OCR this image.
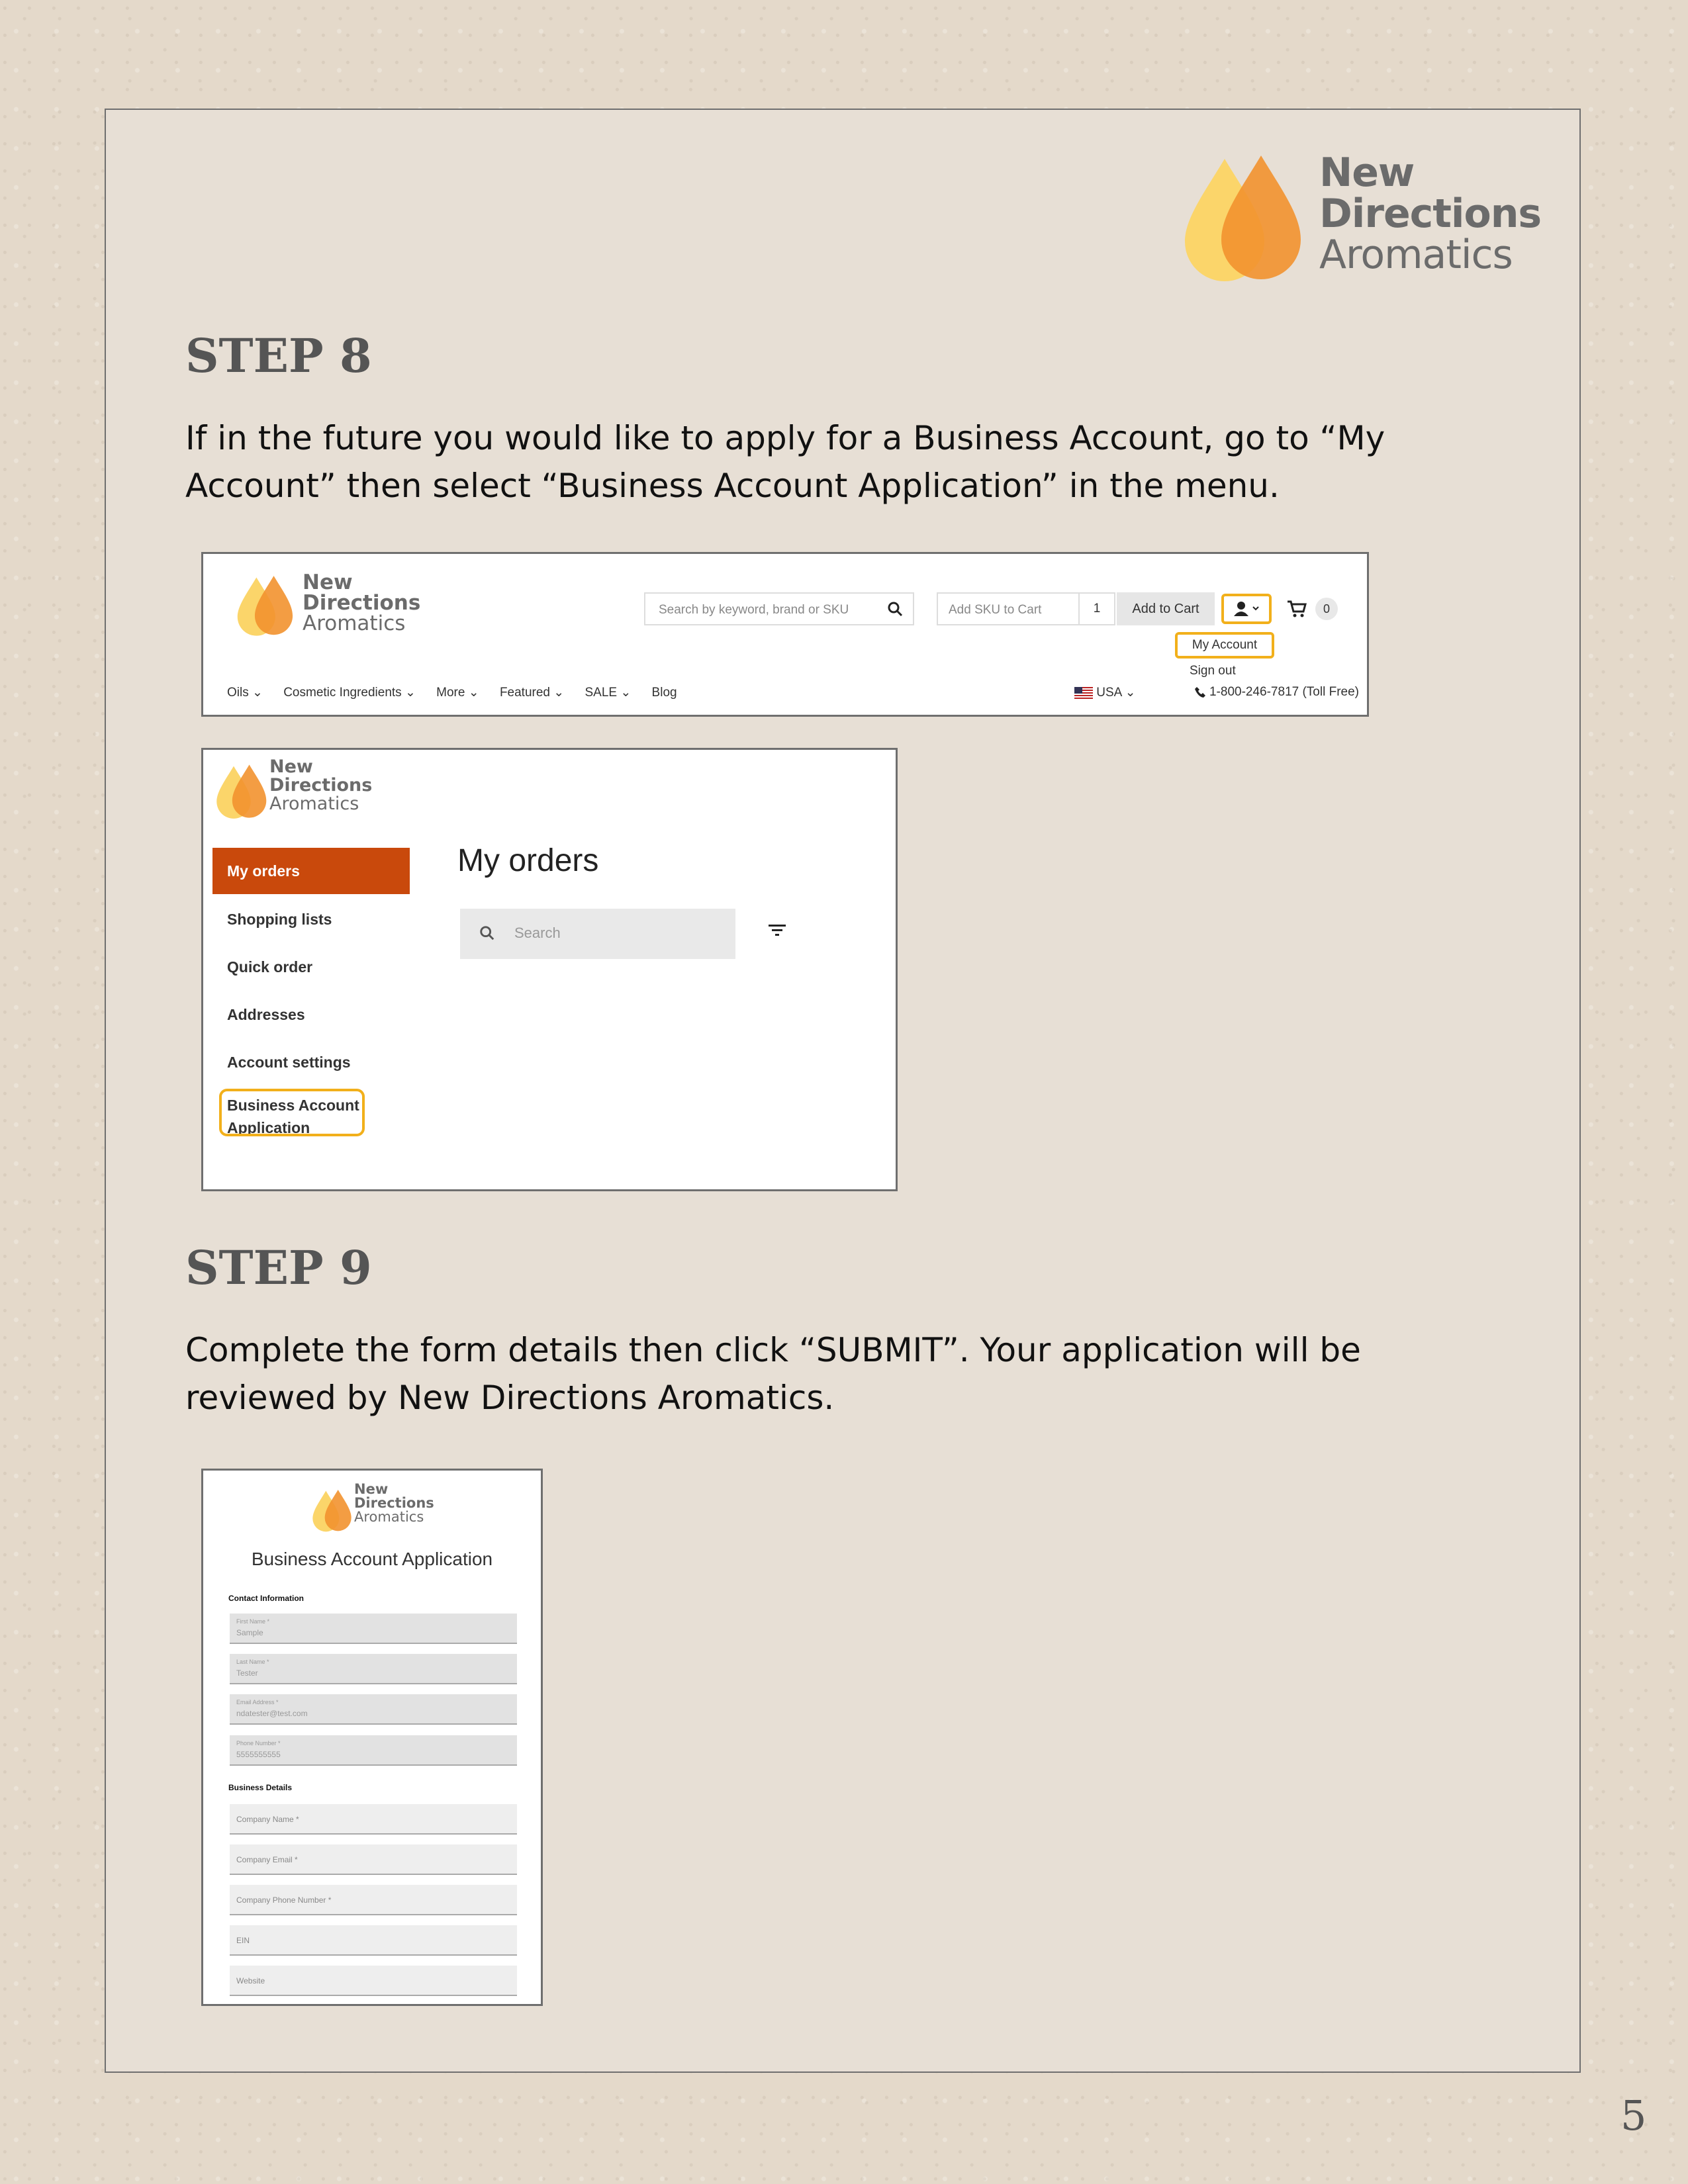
New
Directions
Aromatics
STEP 8
If in the future you would like to apply for a Business Account, go to “My Account” then select “Business Account Application” in the menu.
New
Directions
Aromatics
Search by keyword, brand or SKU	Add SKU to Cart	1	Add to Cart	0
My Account
Sign out
Oils ⌄ Cosmetic Ingredients ⌄ More ⌄ Featured ⌄ SALE ⌄ Blog	USA ⌄	1-800-246-7817 (Toll Free)
New
Directions
Aromatics
My orders
Shopping lists
Quick order
Addresses
Account settings
Business Account
Application
My orders
Search
STEP 9
Complete the form details then click “SUBMIT”. Your application will be reviewed by New Directions Aromatics.
New
Directions
Aromatics
Business Account Application
Contact Information
First Name *
Sample
Last Name *
Tester
Email Address *
ndatester@test.com
Phone Number *
5555555555
Business Details
Company Name *
Company Email *
Company Phone Number *
EIN
Website
5
